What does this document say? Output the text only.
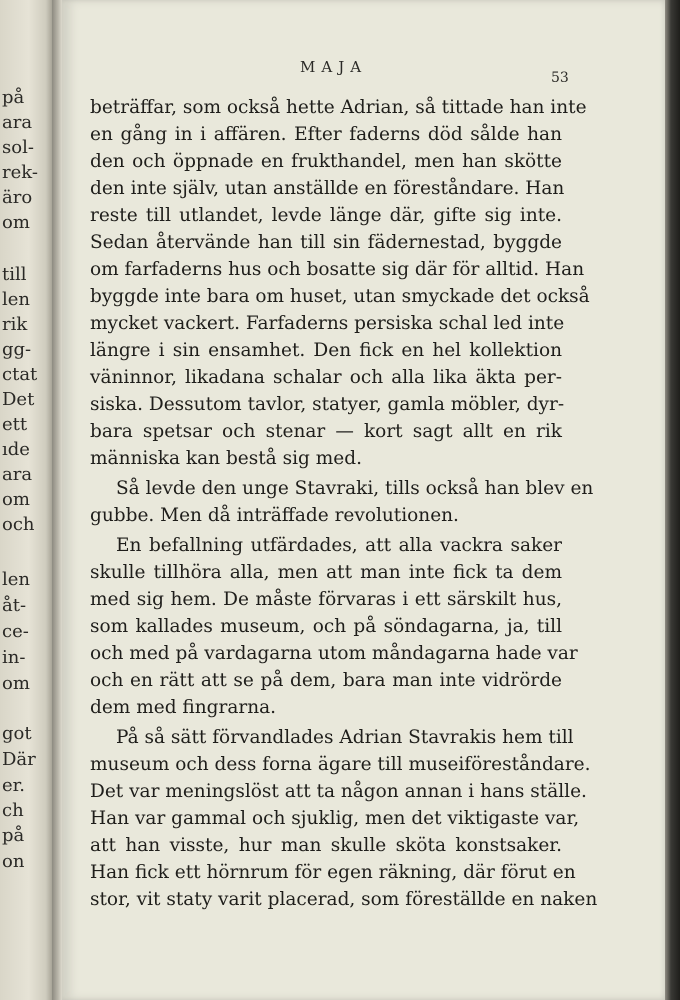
på
ara
sol-
rek-
äro
om
till
len
rik
gg-
ctat
Det
ett
ıde
ara
om
och
len
åt-
ce-
in-
om
got
Där
er.
ch
på
on
MAJA
53
beträffar, som också hette Adrian, så tittade han inte
en gång in i affären. Efter faderns död sålde han
den och öppnade en frukthandel, men han skötte
den inte själv, utan anställde en föreståndare. Han
reste till utlandet, levde länge där, gifte sig inte.
Sedan återvände han till sin fädernestad, byggde
om farfaderns hus och bosatte sig där för alltid. Han
byggde inte bara om huset, utan smyckade det också
mycket vackert. Farfaderns persiska schal led inte
längre i sin ensamhet. Den fick en hel kollektion
väninnor, likadana schalar och alla lika äkta per-
siska. Dessutom tavlor, statyer, gamla möbler, dyr-
bara spetsar och stenar — kort sagt allt en rik
människa kan bestå sig med.
Så levde den unge Stavraki, tills också han blev en
gubbe. Men då inträffade revolutionen.
En befallning utfärdades, att alla vackra saker
skulle tillhöra alla, men att man inte fick ta dem
med sig hem. De måste förvaras i ett särskilt hus,
som kallades museum, och på söndagarna, ja, till
och med på vardagarna utom måndagarna hade var
och en rätt att se på dem, bara man inte vidrörde
dem med fingrarna.
På så sätt förvandlades Adrian Stavrakis hem till
museum och dess forna ägare till museiföreståndare.
Det var meningslöst att ta någon annan i hans ställe.
Han var gammal och sjuklig, men det viktigaste var,
att han visste, hur man skulle sköta konstsaker.
Han fick ett hörnrum för egen räkning, där förut en
stor, vit staty varit placerad, som föreställde en naken
